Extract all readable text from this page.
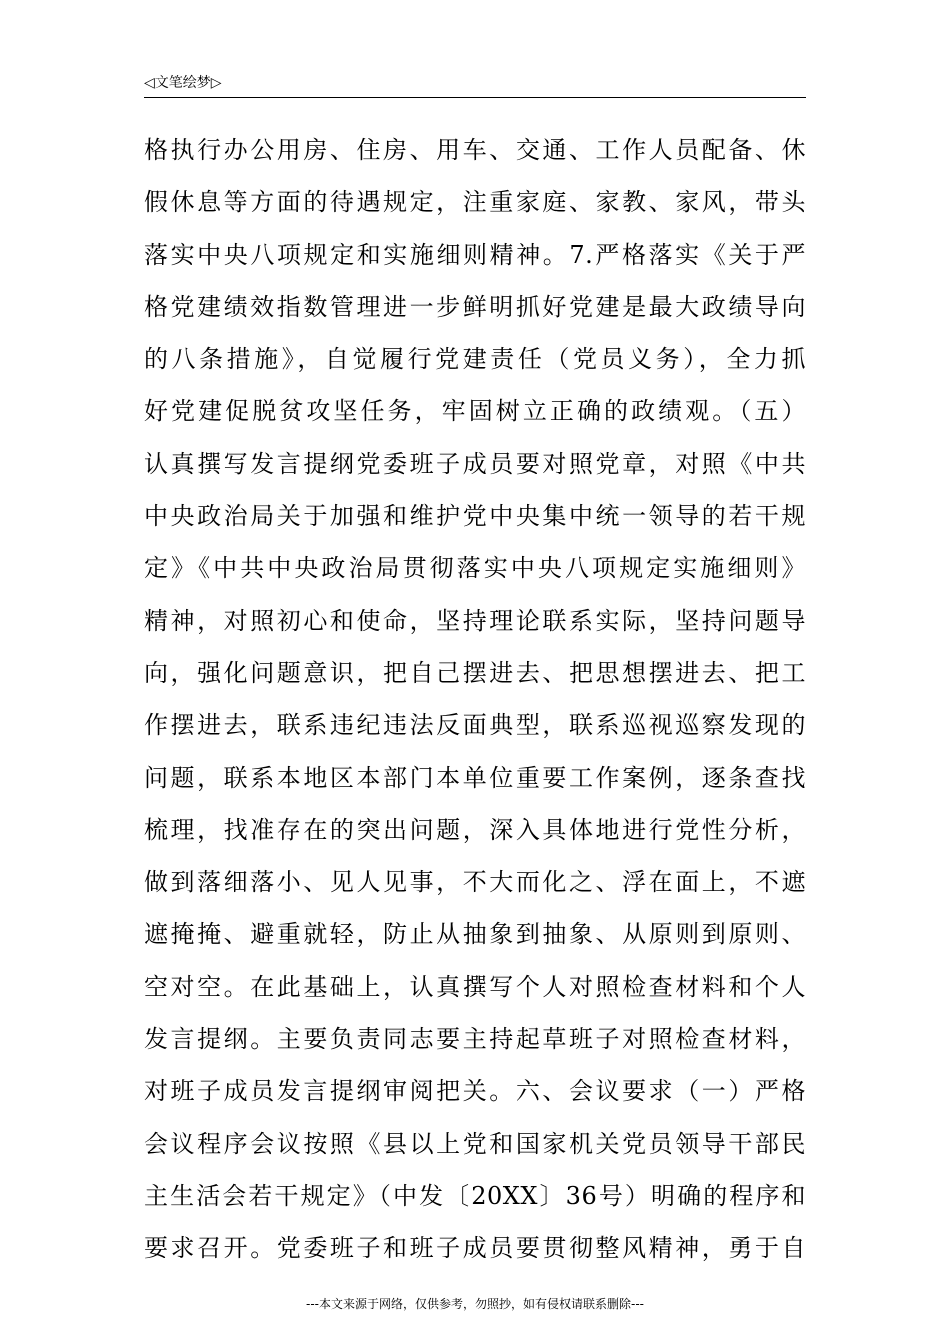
◁文笔绘梦▷
格执行办公用房、住房、用车、交通、工作人员配备、休
假休息等方面的待遇规定，注重家庭、家教、家风，带头
落实中央八项规定和实施细则精神。7.严格落实《关于严
格党建绩效指数管理进一步鲜明抓好党建是最大政绩导向
的八条措施》，自觉履行党建责任（党员义务），全力抓
好党建促脱贫攻坚任务，牢固树立正确的政绩观。（五）
认真撰写发言提纲党委班子成员要对照党章，对照《中共
中央政治局关于加强和维护党中央集中统一领导的若干规
定》《中共中央政治局贯彻落实中央八项规定实施细则》
精神，对照初心和使命，坚持理论联系实际，坚持问题导
向，强化问题意识，把自己摆进去、把思想摆进去、把工
作摆进去，联系违纪违法反面典型，联系巡视巡察发现的
问题，联系本地区本部门本单位重要工作案例，逐条查找
梳理，找准存在的突出问题，深入具体地进行党性分析，
做到落细落小、见人见事，不大而化之、浮在面上，不遮
遮掩掩、避重就轻，防止从抽象到抽象、从原则到原则、
空对空。在此基础上，认真撰写个人对照检查材料和个人
发言提纲。主要负责同志要主持起草班子对照检查材料，
对班子成员发言提纲审阅把关。六、会议要求（一）严格
会议程序会议按照《县以上党和国家机关党员领导干部民
主生活会若干规定》（中发〔20XX〕36号）明确的程序和
要求召开。党委班子和班子成员要贯彻整风精神，勇于自
---本文来源于网络，仅供参考，勿照抄，如有侵权请联系删除---
